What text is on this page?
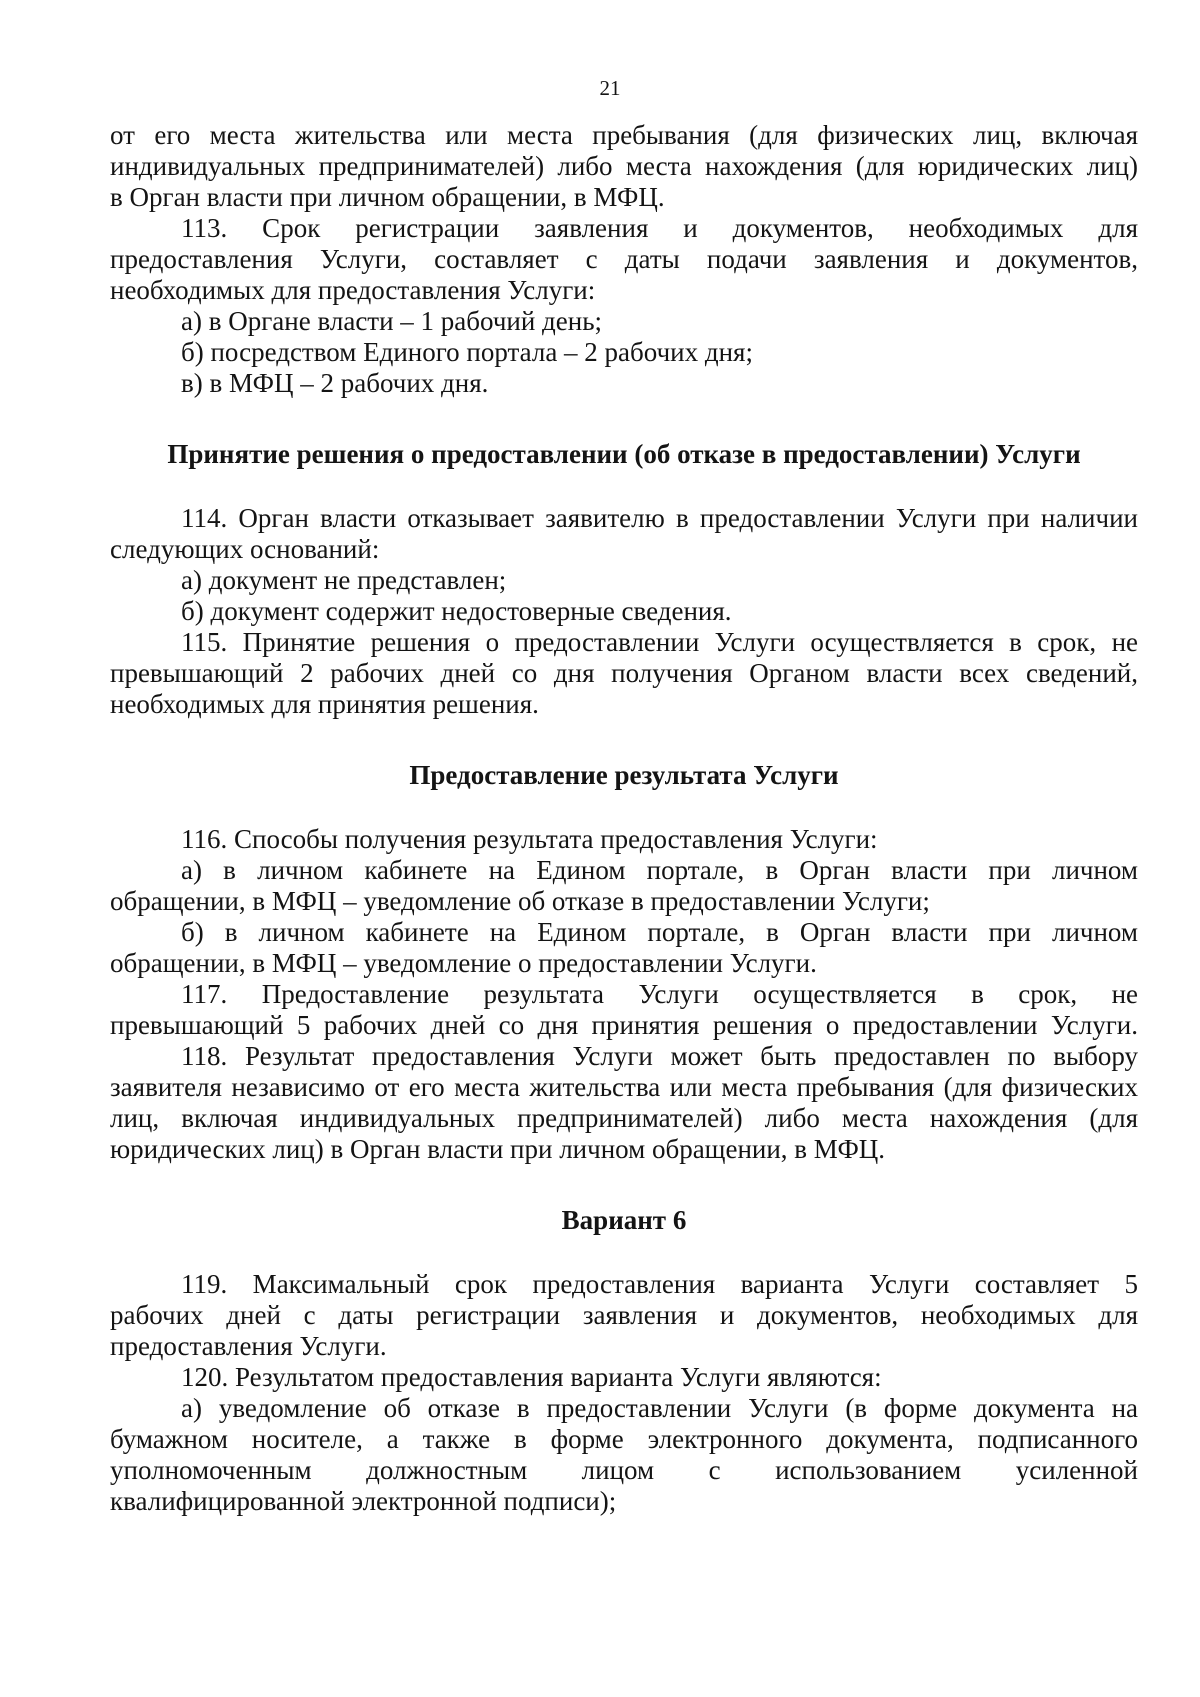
21
от его места жительства или места пребывания (для физических лиц, включая
индивидуальных предпринимателей) либо места нахождения (для юридических лиц)
в Орган власти при личном обращении, в МФЦ.
113. Срок регистрации заявления и документов, необходимых для
предоставления Услуги, составляет с даты подачи заявления и документов,
необходимых для предоставления Услуги:
а) в Органе власти – 1 рабочий день;
б) посредством Единого портала – 2 рабочих дня;
в) в МФЦ – 2 рабочих дня.
Принятие решения о предоставлении (об отказе в предоставлении) Услуги
114. Орган власти отказывает заявителю в предоставлении Услуги при наличии
следующих оснований:
а) документ не представлен;
б) документ содержит недостоверные сведения.
115. Принятие решения о предоставлении Услуги осуществляется в срок, не
превышающий 2 рабочих дней со дня получения Органом власти всех сведений,
необходимых для принятия решения.
Предоставление результата Услуги
116. Способы получения результата предоставления Услуги:
а) в личном кабинете на Едином портале, в Орган власти при личном
обращении, в МФЦ – уведомление об отказе в предоставлении Услуги;
б) в личном кабинете на Едином портале, в Орган власти при личном
обращении, в МФЦ – уведомление о предоставлении Услуги.
117. Предоставление результата Услуги осуществляется в срок, не
превышающий 5 рабочих дней со дня принятия решения о предоставлении Услуги.
118. Результат предоставления Услуги может быть предоставлен по выбору
заявителя независимо от его места жительства или места пребывания (для физических
лиц, включая индивидуальных предпринимателей) либо места нахождения (для
юридических лиц) в Орган власти при личном обращении, в МФЦ.
Вариант 6
119. Максимальный срок предоставления варианта Услуги составляет 5
рабочих дней с даты регистрации заявления и документов, необходимых для
предоставления Услуги.
120. Результатом предоставления варианта Услуги являются:
а) уведомление об отказе в предоставлении Услуги (в форме документа на
бумажном носителе, а также в форме электронного документа, подписанного
уполномоченным должностным лицом с использованием усиленной
квалифицированной электронной подписи);
